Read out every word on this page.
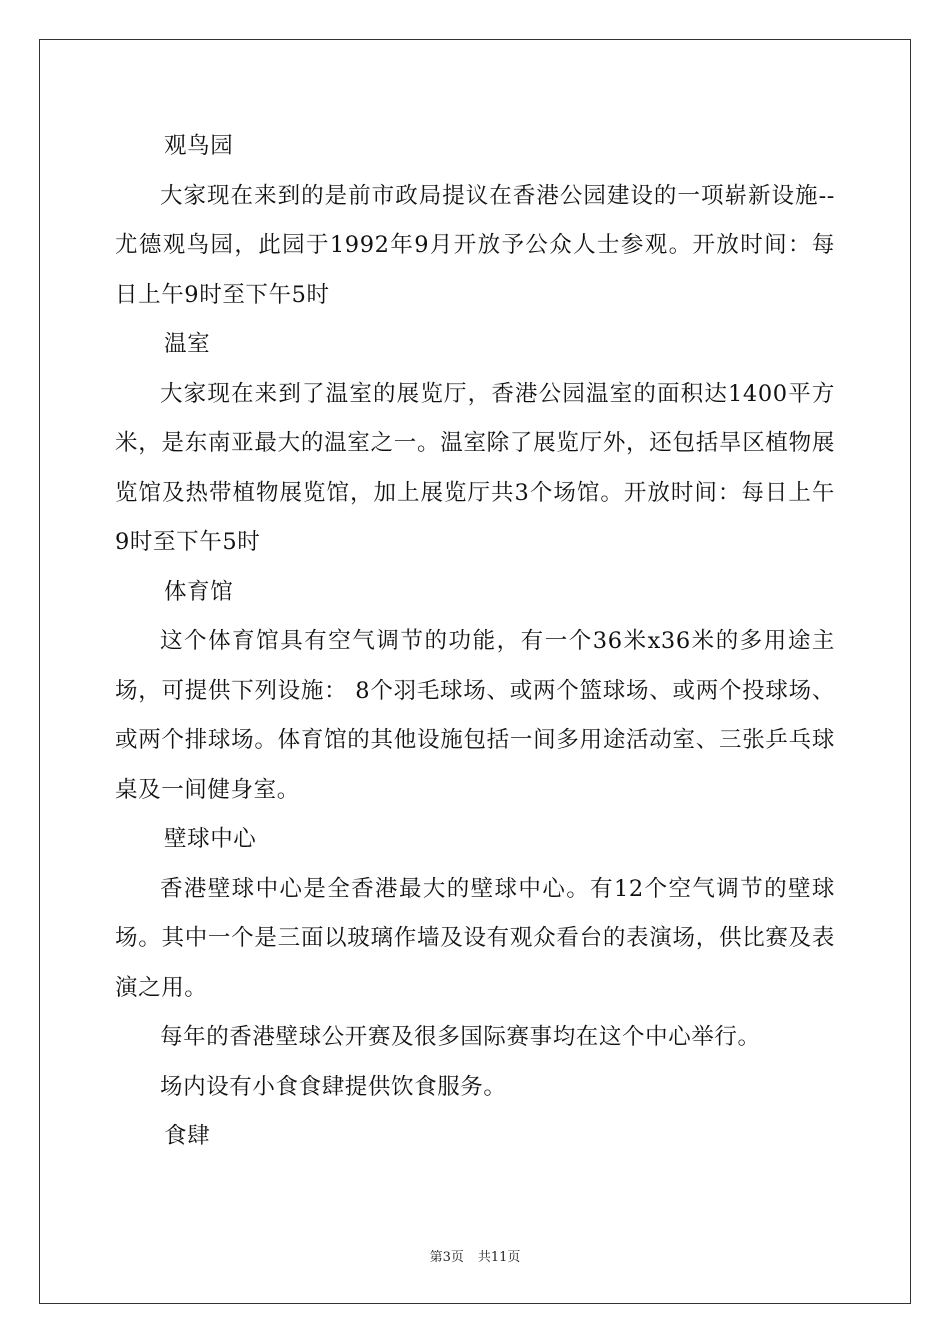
观鸟园

大家现在来到的是前市政局提议在香港公园建设的一项崭新设施--尤德观鸟园，此园于1992年9月开放予公众人士参观。开放时间：每日上午9时至下午5时

温室

大家现在来到了温室的展览厅，香港公园温室的面积达1400平方米，是东南亚最大的温室之一。温室除了展览厅外，还包括旱区植物展览馆及热带植物展览馆，加上展览厅共3个场馆。开放时间：每日上午9时至下午5时

体育馆

这个体育馆具有空气调节的功能，有一个36米x36米的多用途主场，可提供下列设施： 8个羽毛球场、或两个篮球场、或两个投球场、或两个排球场。体育馆的其他设施包括一间多用途活动室、三张乒乓球桌及一间健身室。

壁球中心

香港壁球中心是全香港最大的壁球中心。有12个空气调节的壁球场。其中一个是三面以玻璃作墙及设有观众看台的表演场，供比赛及表演之用。

每年的香港壁球公开赛及很多国际赛事均在这个中心举行。

场内设有小食食肆提供饮食服务。

食肆

第3页 共11页
